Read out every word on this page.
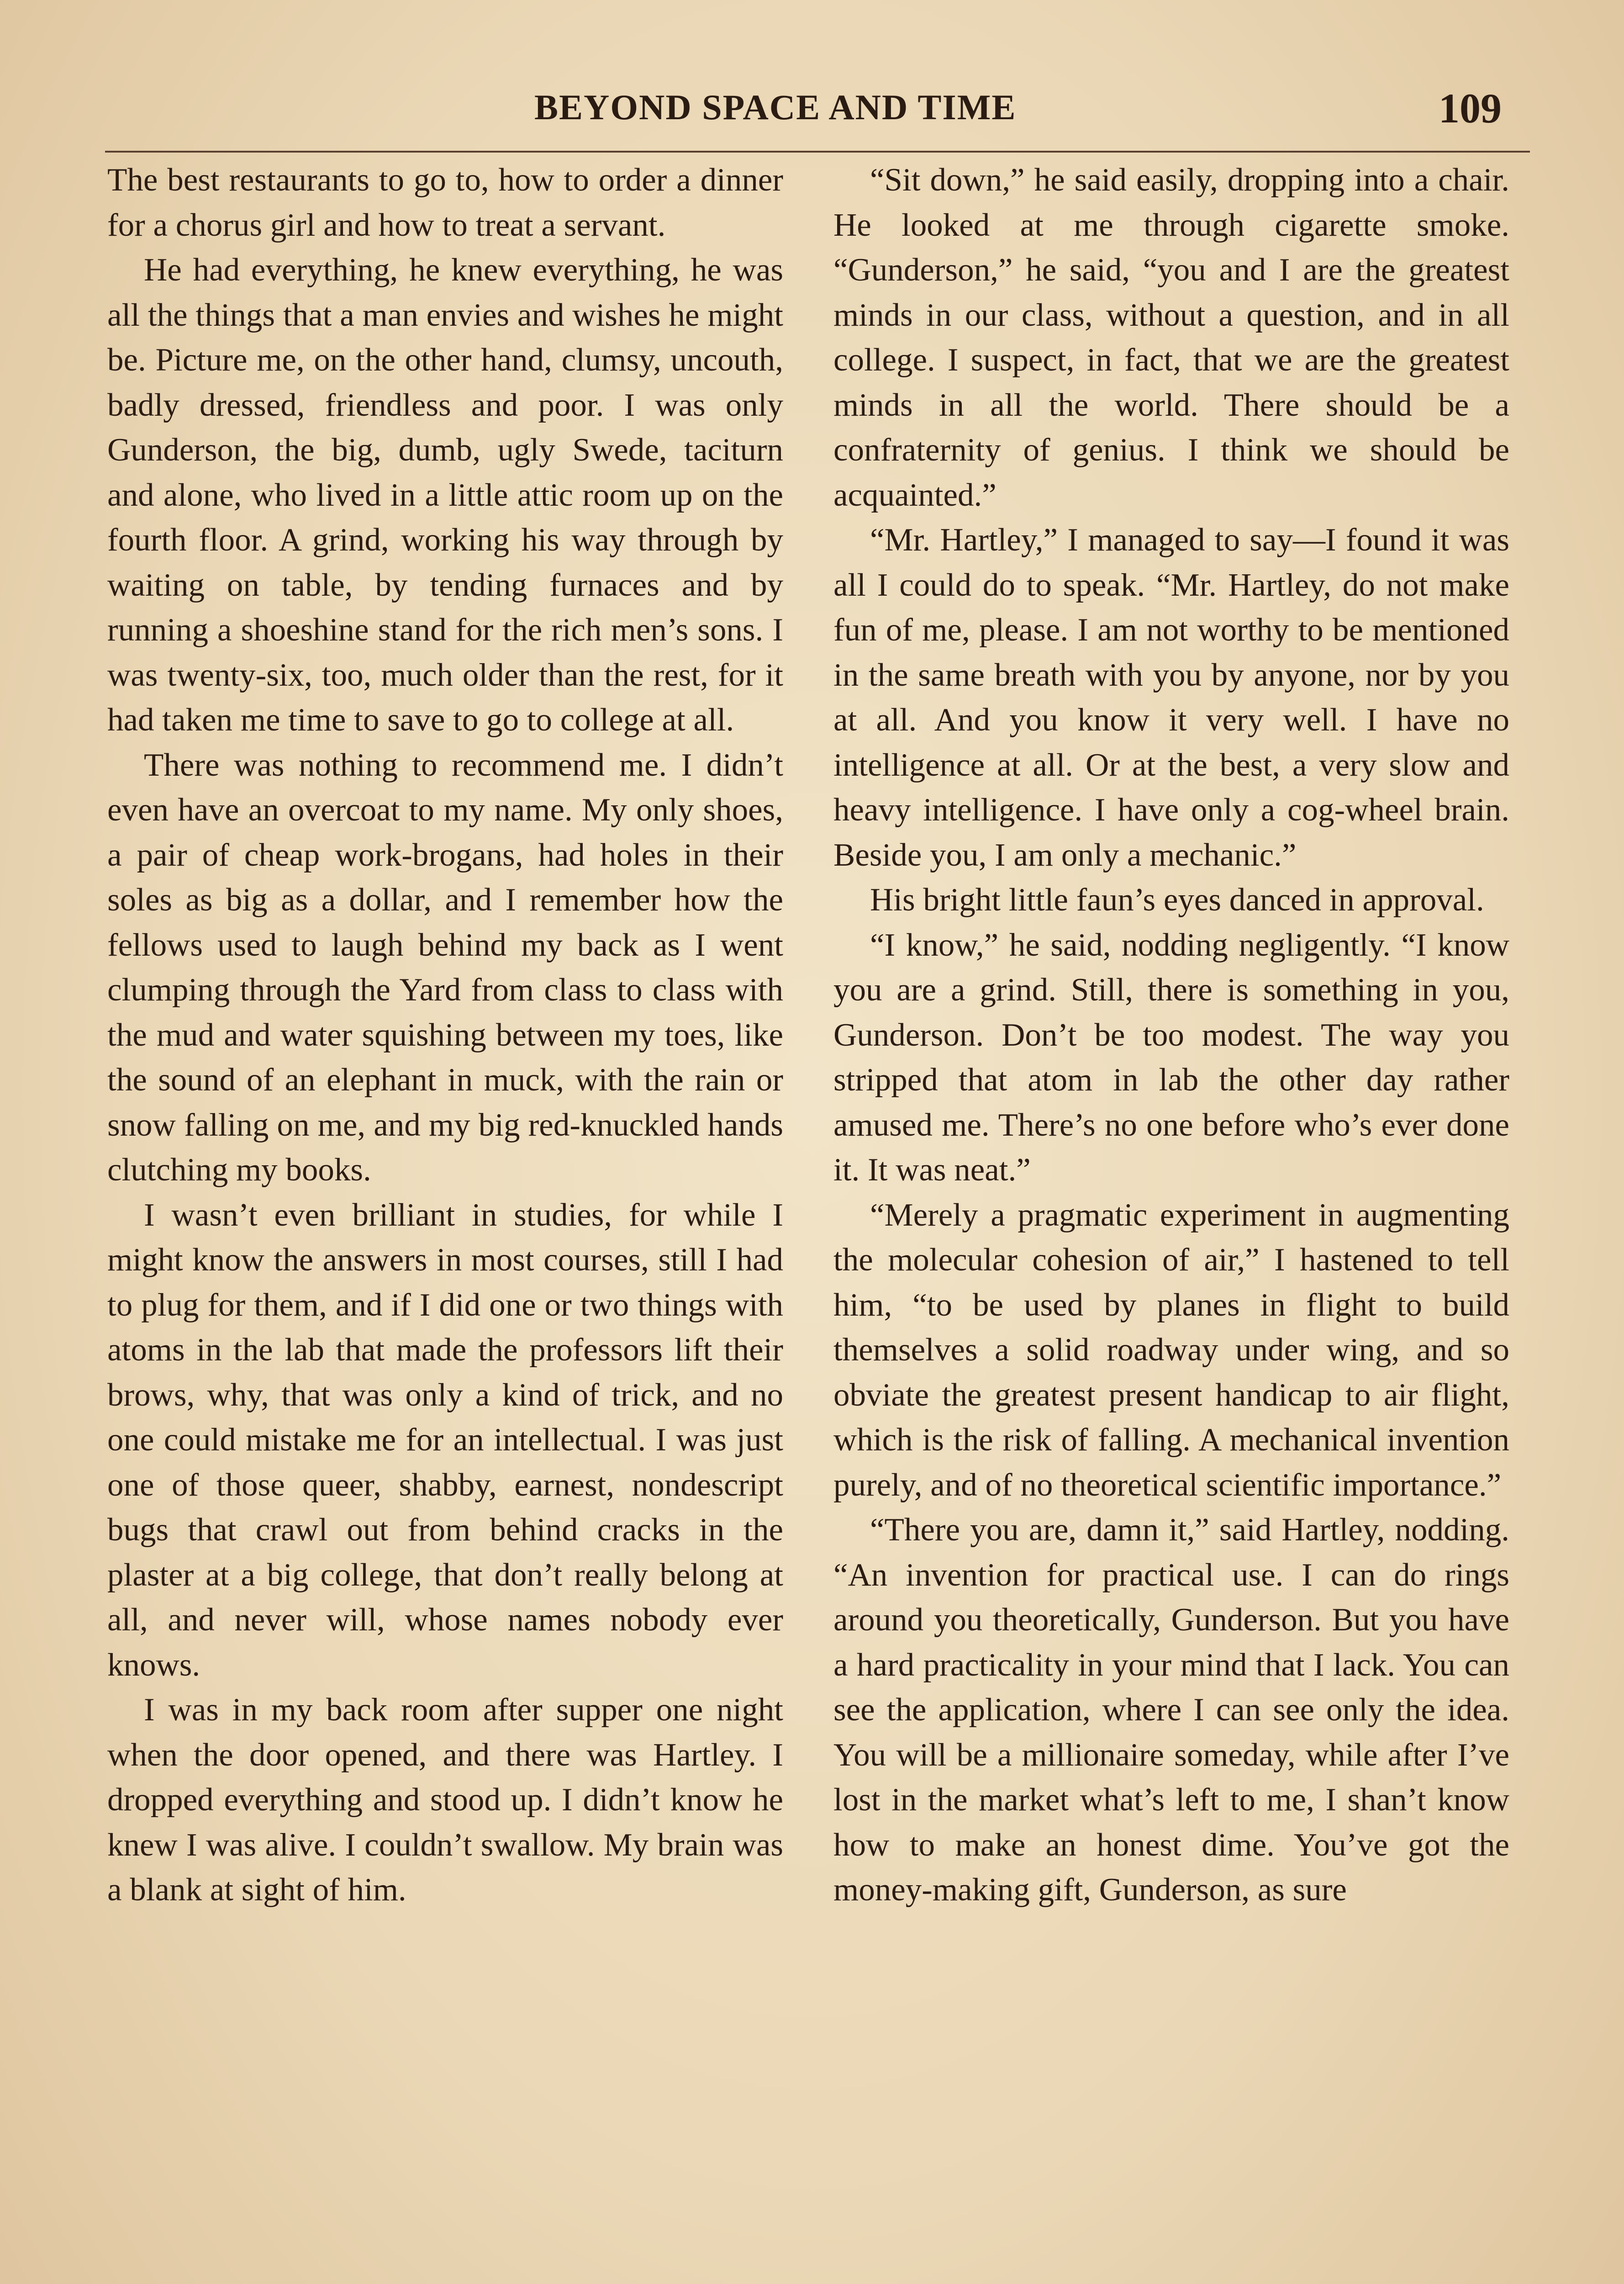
BEYOND SPACE AND TIME	109

The best restaurants to go to, how to order a dinner for a chorus girl and how to treat a servant.

He had everything, he knew everything, he was all the things that a man envies and wishes he might be. Picture me, on the other hand, clumsy, uncouth, badly dressed, friendless and poor. I was only Gunderson, the big, dumb, ugly Swede, taciturn and alone, who lived in a little attic room up on the fourth floor. A grind, working his way through by waiting on table, by tending furnaces and by running a shoeshine stand for the rich men’s sons. I was twenty-six, too, much older than the rest, for it had taken me time to save to go to college at all.

There was nothing to recommend me. I didn’t even have an overcoat to my name. My only shoes, a pair of cheap work-brogans, had holes in their soles as big as a dollar, and I remember how the fellows used to laugh behind my back as I went clumping through the Yard from class to class with the mud and water squishing between my toes, like the sound of an elephant in muck, with the rain or snow falling on me, and my big red-knuckled hands clutching my books.

I wasn’t even brilliant in studies, for while I might know the answers in most courses, still I had to plug for them, and if I did one or two things with atoms in the lab that made the professors lift their brows, why, that was only a kind of trick, and no one could mistake me for an intellectual. I was just one of those queer, shabby, earnest, nondescript bugs that crawl out from behind cracks in the plaster at a big college, that don’t really belong at all, and never will, whose names nobody ever knows.

I was in my back room after supper one night when the door opened, and there was Hartley. I dropped everything and stood up. I didn’t know he knew I was alive. I couldn’t swallow. My brain was a blank at sight of him.

“Sit down,” he said easily, dropping into a chair. He looked at me through cigarette smoke. “Gunderson,” he said, “you and I are the greatest minds in our class, without a question, and in all college. I suspect, in fact, that we are the greatest minds in all the world. There should be a confraternity of genius. I think we should be acquainted.”

“Mr. Hartley,” I managed to say—I found it was all I could do to speak. “Mr. Hartley, do not make fun of me, please. I am not worthy to be mentioned in the same breath with you by anyone, nor by you at all. And you know it very well. I have no intelligence at all. Or at the best, a very slow and heavy intelligence. I have only a cog-wheel brain. Beside you, I am only a mechanic.”

His bright little faun’s eyes danced in approval.

“I know,” he said, nodding negligently. “I know you are a grind. Still, there is something in you, Gunderson. Don’t be too modest. The way you stripped that atom in lab the other day rather amused me. There’s no one before who’s ever done it. It was neat.”

“Merely a pragmatic experiment in augmenting the molecular cohesion of air,” I hastened to tell him, “to be used by planes in flight to build themselves a solid roadway under wing, and so obviate the greatest present handicap to air flight, which is the risk of falling. A mechanical invention purely, and of no theoretical scientific importance.”

“There you are, damn it,” said Hartley, nodding. “An invention for practical use. I can do rings around you theoretically, Gunderson. But you have a hard practicality in your mind that I lack. You can see the application, where I can see only the idea. You will be a millionaire someday, while after I’ve lost in the market what’s left to me, I shan’t know how to make an honest dime. You’ve got the money-making gift, Gunderson, as sure
